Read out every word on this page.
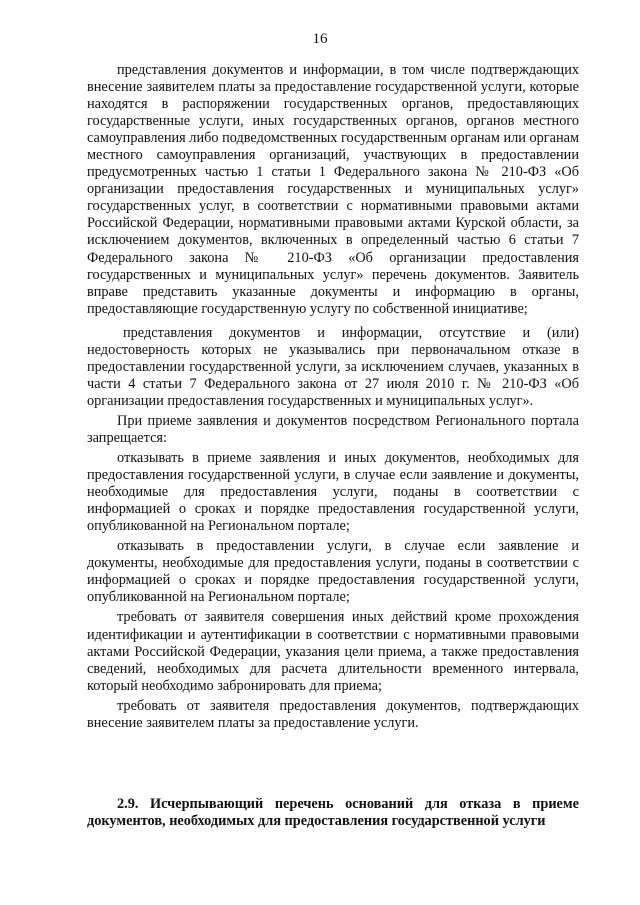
16

представления документов и информации, в том числе подтверждающих внесение заявителем платы за предоставление государственной услуги, которые находятся в распоряжении государственных органов, предоставляющих государственные услуги, иных государственных органов, органов местного самоуправления либо подведомственных государственным органам или органам местного самоуправления организаций, участвующих в предоставлении предусмотренных частью 1 статьи 1 Федерального закона № 210-ФЗ «Об организации предоставления государственных и муниципальных услуг» государственных услуг, в соответствии с нормативными правовыми актами Российской Федерации, нормативными правовыми актами Курской области, за исключением документов, включенных в определенный частью 6 статьи 7 Федерального закона № 210-ФЗ «Об организации предоставления государственных и муниципальных услуг» перечень документов. Заявитель вправе представить указанные документы и информацию в органы, предоставляющие государственную услугу по собственной инициативе;

представления документов и информации, отсутствие и (или) недостоверность которых не указывались при первоначальном отказе в предоставлении государственной услуги, за исключением случаев, указанных в части 4 статьи 7 Федерального закона от 27 июля 2010 г. № 210-ФЗ «Об организации предоставления государственных и муниципальных услуг».

При приеме заявления и документов посредством Регионального портала запрещается:

отказывать в приеме заявления и иных документов, необходимых для предоставления государственной услуги, в случае если заявление и документы, необходимые для предоставления услуги, поданы в соответствии с информацией о сроках и порядке предоставления государственной услуги, опубликованной на Региональном портале;

отказывать в предоставлении услуги, в случае если заявление и документы, необходимые для предоставления услуги, поданы в соответствии с информацией о сроках и порядке предоставления государственной услуги, опубликованной на Региональном портале;

требовать от заявителя совершения иных действий кроме прохождения идентификации и аутентификации в соответствии с нормативными правовыми актами Российской Федерации, указания цели приема, а также предоставления сведений, необходимых для расчета длительности временного интервала, который необходимо забронировать для приема;

требовать от заявителя предоставления документов, подтверждающих внесение заявителем платы за предоставление услуги.

2.9. Исчерпывающий перечень оснований для отказа в приеме документов, необходимых для предоставления государственной услуги
